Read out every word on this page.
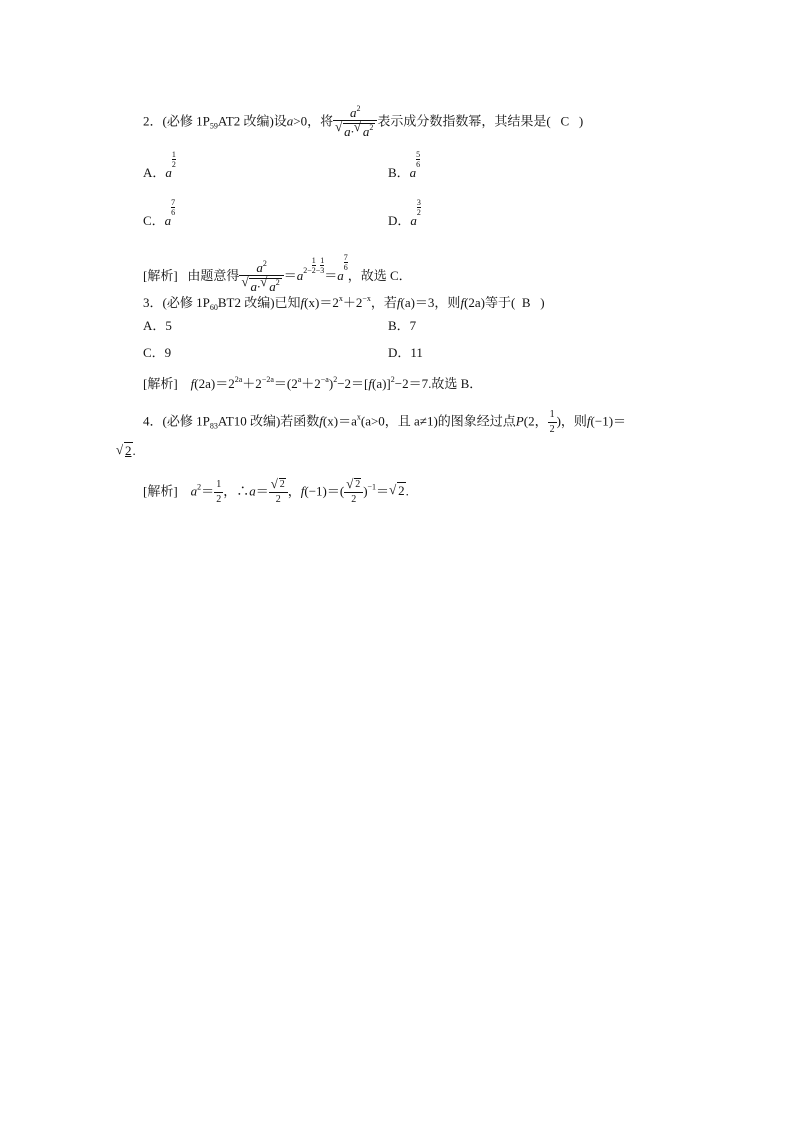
2．(必修 $1P_{59}AT2$ 改编)设a>0，将 $\frac{a^2}{√ a\cdot √ a^2}$ 表示成分数指数幂，其结果是( C )
A．a
$\frac{1}{2}$
B．a
$\frac{5}{6}$
C．a
$\frac{7}{6}$
D．a
$\frac{3}{2}$
[解析] 由题意得 $\frac{a^2}{√ a\cdot √ a^2} =a^{2- \frac{1}{2} - \frac{1}{3}}$
＝a
$\frac{7}{6}$
，故选 C．
3．(必修 $1P_{60}BT2$ 改编)已知$f(x)=2^x+2^{-x}$，若f(a)＝3，则f(2a)等于( B )
A．5	B．7
C．9	D．11
[解析] $f(2a)=2^{2a}+2^{-2a}=(2^a+2^{-a})^2-2=[f(a)]^2-2=7$.故选 B．
4．(必修 $1P_{83}AT10$ 改编)若函数$f(x)=a^x(a>0$，且 a≠1)的图象经过点P(2， $\frac{1}{2}$ )，则f(−1)＝
√ 2.
[解析] $a^2= \frac{1}{2}$ ，∴a＝ $\frac{√ 2}{2}$ ，$f(-1)=( \frac{√ 2}{2} )^{-1}=$ √ 2.
